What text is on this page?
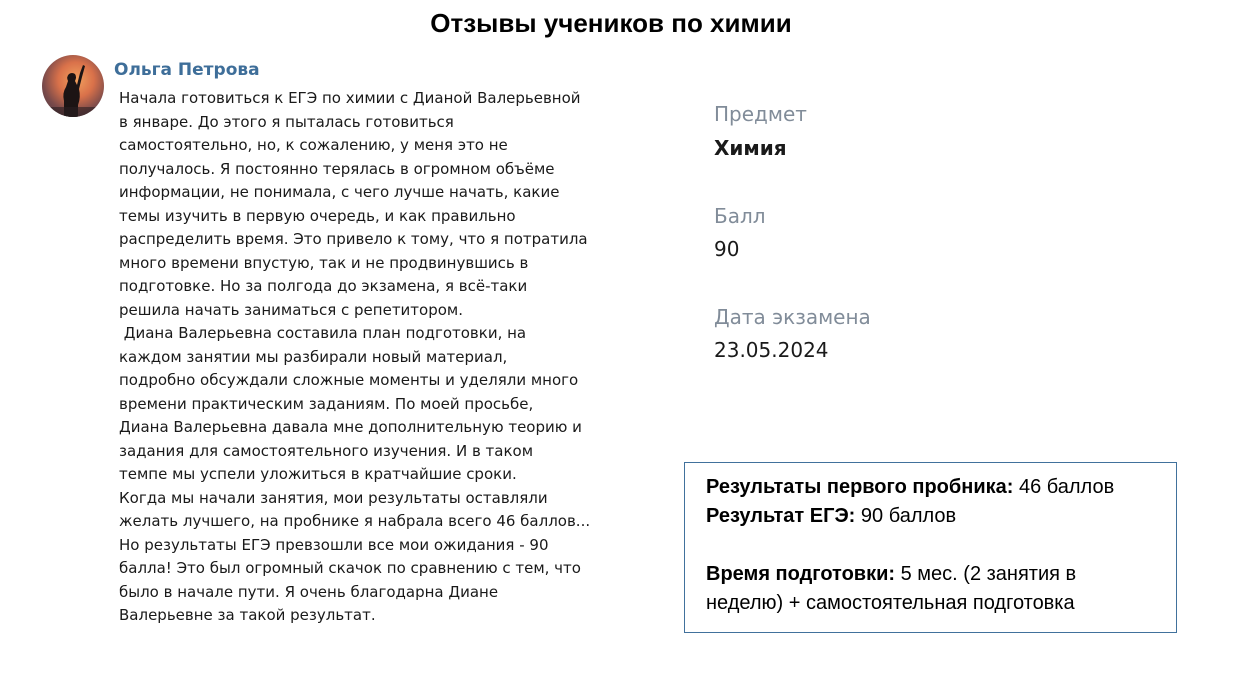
Отзывы учеников по химии
Ольга Петрова
Начала готовиться к ЕГЭ по химии с Дианой Валерьевной
в январе. До этого я пыталась готовиться
самостоятельно, но, к сожалению, у меня это не
получалось. Я постоянно терялась в огромном объёме
информации, не понимала, с чего лучше начать, какие
темы изучить в первую очередь, и как правильно
распределить время. Это привело к тому, что я потратила
много времени впустую, так и не продвинувшись в
подготовке. Но за полгода до экзамена, я всё-таки
решила начать заниматься с репетитором.
Диана Валерьевна составила план подготовки, на
каждом занятии мы разбирали новый материал,
подробно обсуждали сложные моменты и уделяли много
времени практическим заданиям. По моей просьбе,
Диана Валерьевна давала мне дополнительную теорию и
задания для самостоятельного изучения. И в таком
темпе мы успели уложиться в кратчайшие сроки.
Когда мы начали занятия, мои результаты оставляли
желать лучшего, на пробнике я набрала всего 46 баллов...
Но результаты ЕГЭ превзошли все мои ожидания - 90
балла! Это был огромный скачок по сравнению с тем, что
было в начале пути. Я очень благодарна Диане
Валерьевне за такой результат.
Предмет
Химия
Балл
90
Дата экзамена
23.05.2024
Результаты первого пробника: 46 баллов
Результат ЕГЭ: 90 баллов
Время подготовки: 5 мес. (2 занятия в
неделю) + самостоятельная подготовка
